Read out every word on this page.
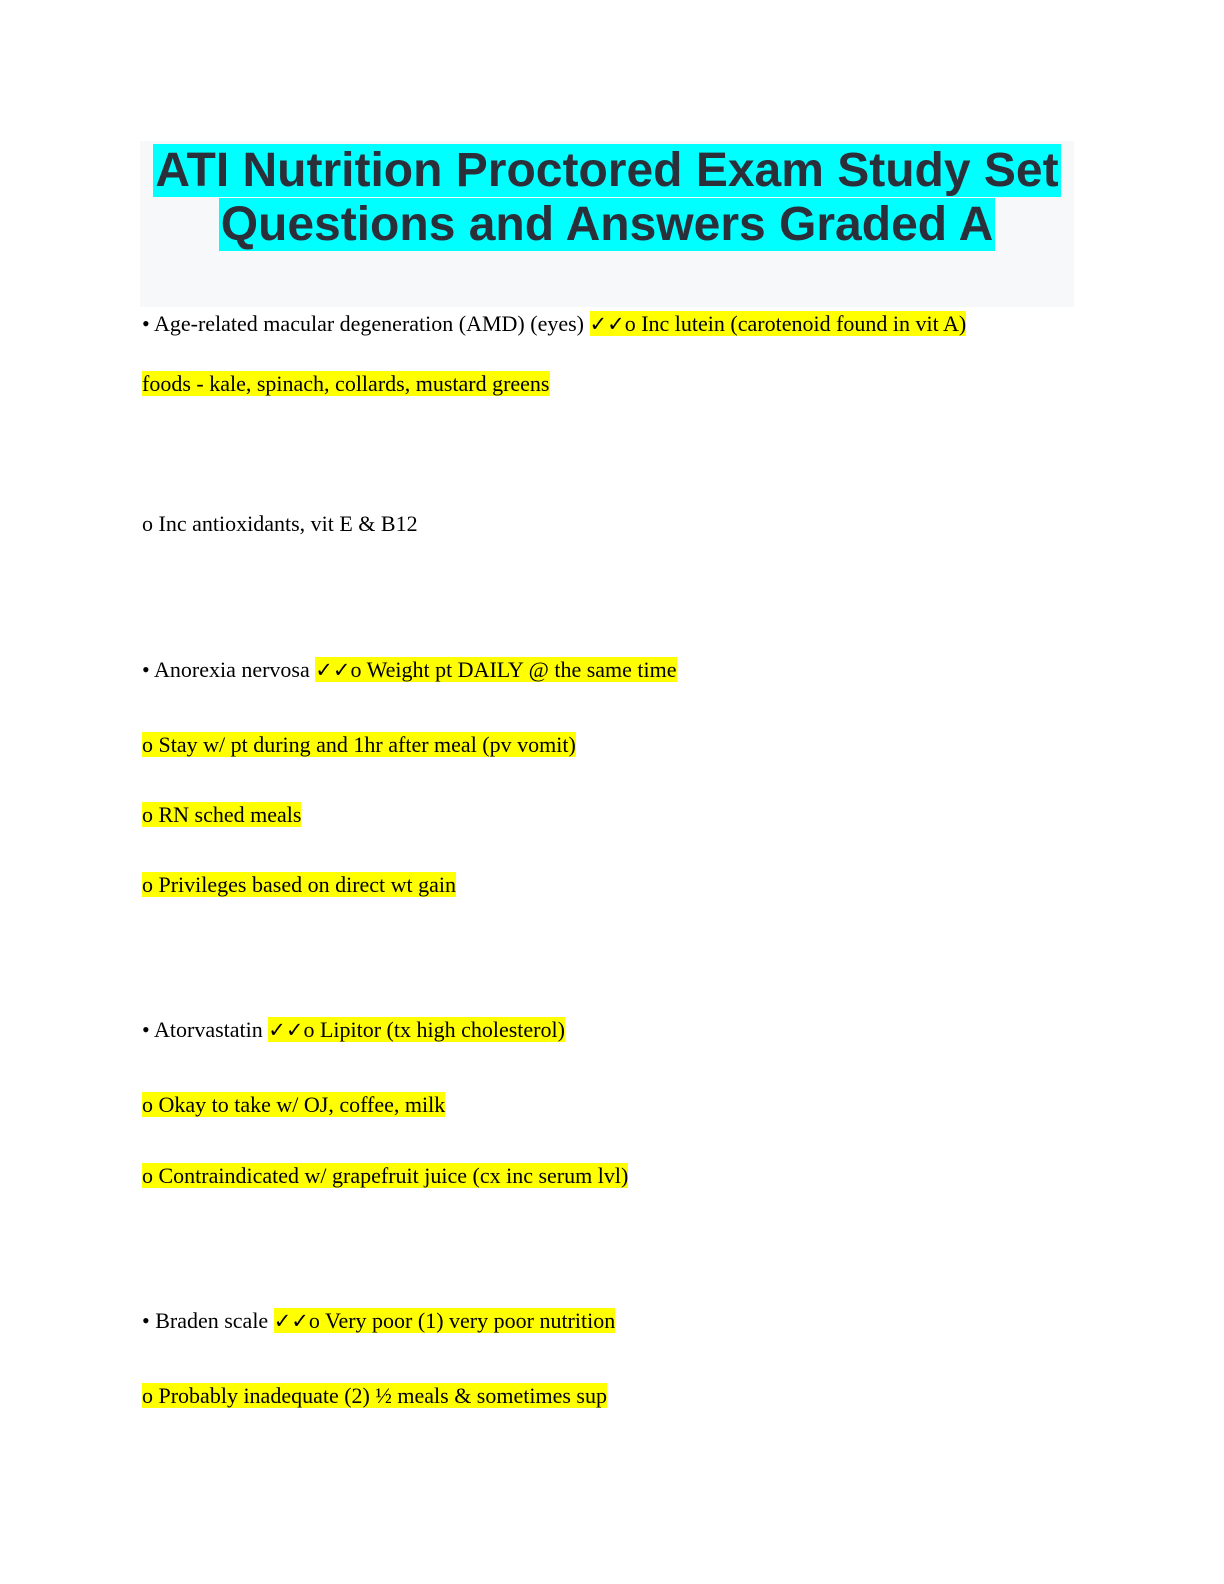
ATI Nutrition Proctored Exam Study Set
Questions and Answers Graded A
• Age-related macular degeneration (AMD) (eyes) ✓✓o Inc lutein (carotenoid found in vit A)
foods - kale, spinach, collards, mustard greens
o Inc antioxidants, vit E & B12
• Anorexia nervosa ✓✓o Weight pt DAILY @ the same time
o Stay w/ pt during and 1hr after meal (pv vomit)
o RN sched meals
o Privileges based on direct wt gain
• Atorvastatin ✓✓o Lipitor (tx high cholesterol)
o Okay to take w/ OJ, coffee, milk
o Contraindicated w/ grapefruit juice (cx inc serum lvl)
• Braden scale ✓✓o Very poor (1) very poor nutrition
o Probably inadequate (2) ½ meals & sometimes sup
